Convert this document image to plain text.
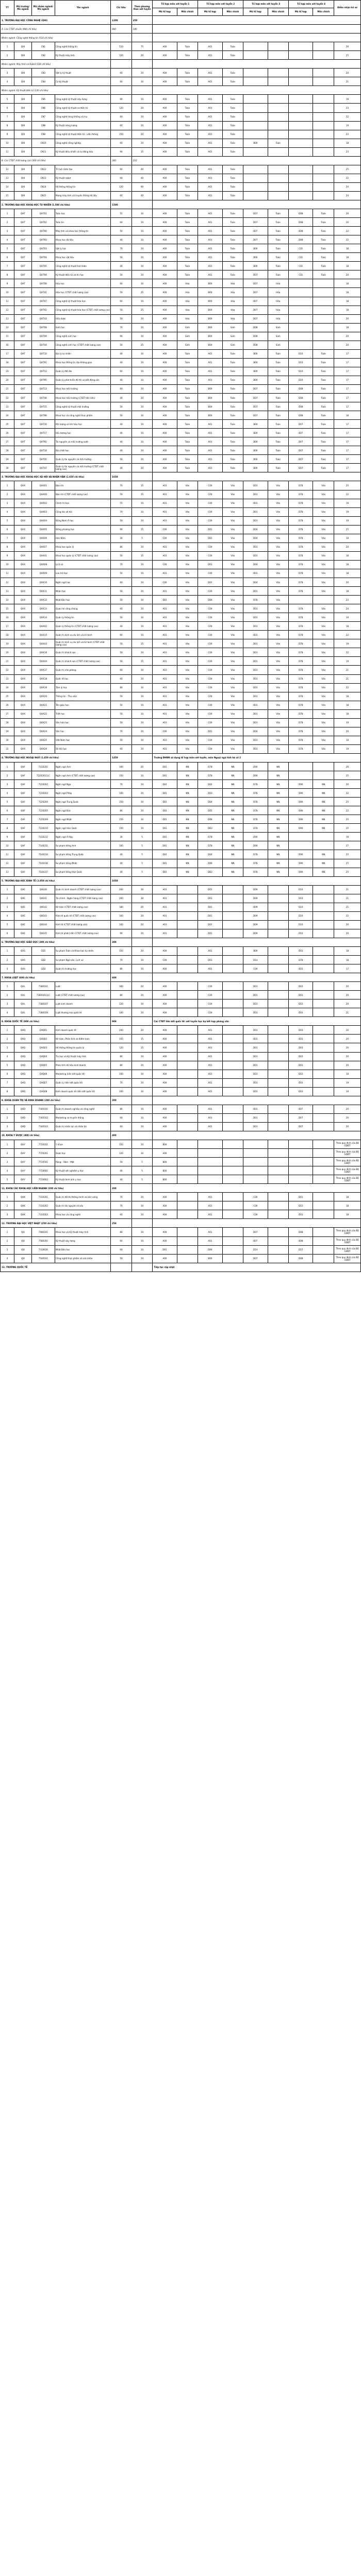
TT	Mã trường/ Mã ngành	Mã nhóm ngành/ Mã ngành	Tên ngành	Chỉ tiêu	Theo phương thức xét tuyển	Tổ hợp môn xét tuyển 1		Tổ hợp môn xét tuyển 2		Tổ hợp môn xét tuyển 3		Tổ hợp môn xét tuyển 4		Điểm nhận hồ sơ
						Mã tổ hợp	Môn chính	Mã tổ hợp	Môn chính	Mã tổ hợp	Môn chính	Mã tổ hợp	Môn chính	
1. TRƯỜNG ĐẠI HỌC CÔNG NGHỆ (QHI)				1200	350									
A. Các CTĐT chuẩn (900 chỉ tiêu)				900	140									
Nhóm ngành: Công nghệ thông tin (510 chỉ tiêu)														
1	QHI	CN1	Công nghệ thông tin	510	75	A00	Toán	A01	Toán					26
2	QHI	CN2	Kỹ thuật máy tính	120	20	A00	Toán	A01	Toán					25
Nhóm ngành: Máy tính và Robot (100 chỉ tiêu)														
3	QHI	CN3	Vật lý kỹ thuật	60	10	A00	Toán	A01	Toán					20
4	QHI	CN4	Cơ kỹ thuật	60	10	A00	Toán	A01	Toán					21
Nhóm ngành: Kỹ thuật điện tử (130 chỉ tiêu)														
5	QHI	CN5	Công nghệ kỹ thuật xây dựng	90	10	A00	Toán	A01	Toán					19
6	QHI	CN6	Công nghệ kỹ thuật cơ điện tử	120	20	A00	Toán	A01	Toán					23
7	QHI	CN7	Công nghệ hàng không vũ trụ	60	10	A00	Toán	A01	Toán					22
8	QHI	CN8	Kỹ thuật năng lượng	60	10	A00	Toán	A01	Toán					19
9	QHI	CN9	Công nghệ kỹ thuật điện tử - viễn thông	150	20	A00	Toán	A01	Toán					23
10	QHI	CN10	Công nghệ nông nghiệp	60	10	A00	Toán	A01	Toán	B00	Toán			18
11	QHI	CN11	Kỹ thuật điều khiển và tự động hóa	90	15	A00	Toán	A01	Toán					23
B. Các CTĐT chất lượng cao (300 chỉ tiêu)				300	210									
12	QHI	CN12	Trí tuệ nhân tạo	60	40	A00	Toán	A01	Toán					25
13	QHI	CN13	Kỹ thuật robot	60	40	A00	Toán	A01	Toán					22
14	QHI	CN14	Hệ thống thông tin	120	90	A00	Toán	A01	Toán					24
15	QHI	CN15	Mạng máy tính và truyền thông dữ liệu	60	40	A00	Toán	A01	Toán					24
2. TRƯỜNG ĐẠI HỌC KHOA HỌC TỰ NHIÊN (1.500 chỉ tiêu)				1500										
1	QHT	QHT01	Toán học	55	10	A00	Toán	A01	Toán	D07	Toán	D08	Toán	20
2	QHT	QHT02	Toán tin	60	10	A00	Toán	A01	Toán	D07	Toán	D08	Toán	20
3	QHT	QHT90	Máy tính và khoa học thông tin	50	10	A00	Toán	A01	Toán	D07	Toán	D08	Toán	22
4	QHT	QHT93	Khoa học dữ liệu	40	10	A00	Toán	A01	Toán	D07	Toán	D08	Toán	22
5	QHT	QHT03	Vật lý học	70	10	A00	Toán	A01	Toán	B00	Toán	C01	Toán	18
6	QHT	QHT04	Khoa học vật liệu	50	10	A00	Toán	A01	Toán	B00	Toán	C01	Toán	18
7	QHT	QHT05	Công nghệ kỹ thuật hạt nhân	40	10	A00	Toán	A01	Toán	B00	Toán	C01	Toán	18
8	QHT	QHT94	Kỹ thuật điện tử và tin học	50	10	A00	Toán	A01	Toán	D07	Toán	C01	Toán	20
9	QHT	QHT06	Hóa học	60	10	A00	Hóa	B00	Hóa	D07	Hóa			18
10	QHT	QHT41	Hóa học (CTĐT chất lượng cao)	50	25	A00	Hóa	B00	Hóa	D07	Hóa			18
11	QHT	QHT07	Công nghệ kỹ thuật hóa học	60	10	A00	Hóa	B00	Hóa	D07	Hóa			18
12	QHT	QHT42	Công nghệ kỹ thuật hóa học (CTĐT chất lượng cao)	50	25	A00	Hóa	B00	Hóa	D07	Hóa			18
13	QHT	QHT43	Hóa dược	50	10	A00	Hóa	B00	Hóa	D07	Hóa			20
14	QHT	QHT08	Sinh học	70	10	A00	Sinh	B00	Sinh	D08	Sinh			18
15	QHT	QHT09	Công nghệ sinh học	90	10	A00	Sinh	B00	Sinh	D08	Sinh			20
16	QHT	QHT44	Công nghệ sinh học (CTĐT chất lượng cao)	50	25	A00	Sinh	B00	Sinh	D08	Sinh			20
17	QHT	QHT10	Địa lý tự nhiên	40	10	A00	Toán	A01	Toán	B00	Toán	D10	Toán	17
18	QHT	QHT91	Khoa học thông tin địa không gian	40	10	A00	Toán	A01	Toán	B00	Toán	D10	Toán	17
19	QHT	QHT12	Quản lý đất đai	60	10	A00	Toán	A01	Toán	B00	Toán	D10	Toán	17
20	QHT	QHT95	Quản lý phát triển đô thị và bất động sản	40	10	A00	Toán	A01	Toán	B00	Toán	D10	Toán	17
21	QHT	QHT13	Khoa học môi trường	60	10	A00	Toán	B00	Toán	D07	Toán	D08	Toán	17
22	QHT	QHT46	Khoa học môi trường (CTĐT tiên tiến)	40	20	A00	Toán	B00	Toán	D07	Toán	D08	Toán	17
23	QHT	QHT15	Công nghệ kỹ thuật môi trường	50	10	A00	Toán	B00	Toán	D07	Toán	D08	Toán	17
24	QHT	QHT96	Khoa học và công nghệ thực phẩm	50	10	A00	Toán	B00	Toán	D07	Toán	D08	Toán	18
25	QHT	QHT16	Khí tượng và khí hậu học	40	10	A00	Toán	A01	Toán	B00	Toán	D07	Toán	17
26	QHT	QHT17	Hải dương học	40	10	A00	Toán	A01	Toán	B00	Toán	D07	Toán	17
27	QHT	QHT92	Tài nguyên và môi trường nước	40	10	A00	Toán	A01	Toán	B00	Toán	D07	Toán	17
28	QHT	QHT18	Địa chất học	40	10	A00	Toán	A01	Toán	B00	Toán	D07	Toán	17
29	QHT	QHT20	Quản lý tài nguyên và môi trường	50	10	A00	Toán	A01	Toán	B00	Toán	D07	Toán	17
30	QHT	QHT47	Quản lý tài nguyên và môi trường (CTĐT chất lượng cao)	40	20	A00	Toán	A01	Toán	B00	Toán	D07	Toán	17
3. TRƯỜNG ĐẠI HỌC KHOA HỌC XÃ HỘI VÀ NHÂN VĂN (1.650 chỉ tiêu)				1650										
1	QHX	QHX01	Báo chí	70	15	A01	Văn	C00	Văn	D01	Văn	D78	Văn	25
2	QHX	QHX40	Báo chí (CTĐT chất lượng cao)	50	15	A01	Văn	C00	Văn	D01	Văn	D78	Văn	22
3	QHX	QHX02	Chính trị học	55	10	A01	Văn	C00	Văn	D01	Văn	D78	Văn	19
4	QHX	QHX03	Công tác xã hội	70	10	A01	Văn	C00	Văn	D01	Văn	D78	Văn	19
5	QHX	QHX04	Đông Nam Á học	50	10	A01	Văn	C00	Văn	D01	Văn	D78	Văn	19
6	QHX	QHX05	Đông phương học	90	15	C00	Văn	D01	Văn	D04	Văn	D78	Văn	25
7	QHX	QHX06	Hán Nôm	30	5	C00	Văn	D01	Văn	D04	Văn	D78	Văn	19
8	QHX	QHX07	Khoa học quản lý	80	10	A01	Văn	C00	Văn	D01	Văn	D78	Văn	20
9	QHX	QHX41	Khoa học quản lý (CTĐT chất lượng cao)	50	15	A01	Văn	C00	Văn	D01	Văn	D78	Văn	18
10	QHX	QHX08	Lịch sử	70	10	C00	Văn	D01	Văn	D04	Văn	D78	Văn	18
11	QHX	QHX09	Lưu trữ học	50	10	A01	Văn	C00	Văn	D01	Văn	D78	Văn	18
12	QHX	QHX10	Ngôn ngữ học	60	10	C00	Văn	D01	Văn	D04	Văn	D78	Văn	20
13	QHX	QHX11	Nhân học	50	10	A01	Văn	C00	Văn	D01	Văn	D78	Văn	18
14	QHX	QHX12	Nhật Bản học	50	10	D01	Văn	D06	Văn	D78	Văn			23
15	QHX	QHX13	Quan hệ công chúng	60	10	A01	Văn	C00	Văn	D01	Văn	D78	Văn	24
16	QHX	QHX14	Quản lý thông tin	50	10	A01	Văn	C00	Văn	D01	Văn	D78	Văn	19
17	QHX	QHX42	Quản lý thông tin (CTĐT chất lượng cao)	40	10	A01	Văn	C00	Văn	D01	Văn	D78	Văn	18
18	QHX	QHX15	Quản trị dịch vụ du lịch và lữ hành	60	10	A01	Văn	C00	Văn	D01	Văn	D78	Văn	22
19	QHX	QHX43	Quản trị dịch vụ du lịch và lữ hành (CTĐT chất lượng cao)	50	15	A01	Văn	C00	Văn	D01	Văn	D78	Văn	19
20	QHX	QHX16	Quản trị khách sạn	50	10	A01	Văn	C00	Văn	D01	Văn	D78	Văn	22
21	QHX	QHX44	Quản trị khách sạn (CTĐT chất lượng cao)	50	15	A01	Văn	C00	Văn	D01	Văn	D78	Văn	19
22	QHX	QHX17	Quản trị văn phòng	60	10	A01	Văn	C00	Văn	D01	Văn	D78	Văn	21
23	QHX	QHX18	Quốc tế học	60	10	A01	Văn	C00	Văn	D01	Văn	D78	Văn	21
24	QHX	QHX19	Tâm lý học	80	10	A01	Văn	C00	Văn	D01	Văn	D78	Văn	22
25	QHX	QHX20	Thông tin - Thư viện	50	10	A01	Văn	C00	Văn	D01	Văn	D78	Văn	18
26	QHX	QHX21	Tôn giáo học	50	10	A01	Văn	C00	Văn	D01	Văn	D78	Văn	18
27	QHX	QHX22	Triết học	50	10	A01	Văn	C00	Văn	D01	Văn	D78	Văn	18
28	QHX	QHX23	Văn hóa học	50	10	A01	Văn	C00	Văn	D01	Văn	D78	Văn	19
29	QHX	QHX24	Văn học	70	10	C00	Văn	D01	Văn	D04	Văn	D78	Văn	20
30	QHX	QHX25	Việt Nam học	50	10	A01	Văn	C00	Văn	D01	Văn	D78	Văn	19
31	QHX	QHX26	Xã hội học	60	10	A01	Văn	C00	Văn	D01	Văn	D78	Văn	19
4. TRƯỜNG ĐẠI HỌC NGOẠI NGỮ (1.450 chỉ tiêu)				1450		Trường ĐHNN sử dụng tổ hợp môn xét tuyển, môn Ngoại ngữ tính hệ số 2								
1	QHF	7220201	Ngôn ngữ Anh	300	20	D01	NN	D78	NN	D90	NN			26
2	QHF	7220201CLC	Ngôn ngữ Anh (CTĐT chất lượng cao)	150	10	D01	NN	D78	NN	D90	NN			25
3	QHF	7220202	Ngôn ngữ Nga	70	10	D01	NN	D02	NN	D78	NN	D90	NN	20
4	QHF	7220203	Ngôn ngữ Pháp	100	10	D01	NN	D03	NN	D78	NN	D90	NN	22
5	QHF	7220204	Ngôn ngữ Trung Quốc	150	10	D01	NN	D04	NN	D78	NN	D90	NN	25
6	QHF	7220205	Ngôn ngữ Đức	80	10	D01	NN	D05	NN	D78	NN	D90	NN	22
7	QHF	7220209	Ngôn ngữ Nhật	150	10	D01	NN	D06	NN	D78	NN	D90	NN	25
8	QHF	7220210	Ngôn ngữ Hàn Quốc	150	10	D01	NN	DD2	NN	D78	NN	D90	NN	25
9	QHF	7220211	Ngôn ngữ Ả Rập	30	5	D01	NN	D78	NN	D90	NN			19
10	QHF	7140231	Sư phạm tiếng Anh	100	5	D01	NN	D78	NN	D90	NN			27
11	QHF	7140234	Sư phạm tiếng Trung Quốc	40	5	D01	NN	D04	NN	D78	NN	D90	NN	25
12	QHF	7140236	Sư phạm tiếng Nhật	40	5	D01	NN	D06	NN	D78	NN	D90	NN	25
13	QHF	7140237	Sư phạm tiếng Hàn Quốc	40	5	D01	NN	DD2	NN	D78	NN	D90	NN	25
5. TRƯỜNG ĐẠI HỌC KINH TẾ (1.050 chỉ tiêu)				1050										
1	QHE	QHE40	Quản trị kinh doanh (CTĐT chất lượng cao)	260	30	A01		D01		D09		D10		21
2	QHE	QHE41	Tài chính - Ngân hàng (CTĐT chất lượng cao)	260	30	A01		D01		D09		D10		21
3	QHE	QHE42	Kế toán (CTĐT chất lượng cao)	180	20	A01		D01		D09		D10		21
4	QHE	QHE43	Kinh tế quốc tế (CTĐT chất lượng cao)	160	20	A01		D01		D09		D10		22
5	QHE	QHE44	Kinh tế (CTĐT chất lượng cao)	100	20	A01		D01		D09		D10		20
6	QHE	QHE45	Kinh tế phát triển (CTĐT chất lượng cao)	90	10	A01		D01		D09		D10		20
6. TRƯỜNG ĐẠI HỌC GIÁO DỤC (300 chỉ tiêu)				300										
1	QHS	GD1	Sư phạm Toán và Khoa học tự nhiên	150	20	A00		A01		B00		D01		18
2	QHS	GD2	Sư phạm Ngữ văn, Lịch sử	70	10	C00		D01		D14		D78		18
3	QHS	GD3	Quản trị trường học	80	10	A00		A01		C00		D01		17
7. KHOA LUẬT (600 chỉ tiêu)				600										
1	QHL	7380101	Luật	300	20	A00		C00		D01		D03		20
2	QHL	7380101CLC	Luật (CTĐT chất lượng cao)	80	10	A00		C00		D01		D03		20
3	QHL	7380107	Luật kinh doanh	120	10	A00		C00		D01		D03		20
4	QHL	7380109	Luật thương mại quốc tế	100	10	A00		C00		D01		D03		21
8. KHOA QUỐC TẾ (900 chỉ tiêu)				900		Các CTĐT liên kết quốc tế: xét tuyển học bạ kết hợp phỏng vấn								
1	QHQ	QHQ01	Kinh doanh quốc tế	200	20	A00		A01		D01		D03		20
2	QHQ	QHQ02	Kế toán, Phân tích và Kiểm toán	150	15	A00		A01		D01		D03		20
3	QHQ	QHQ03	Hệ thống thông tin quản lý	120	15	A00		A01		D01		D03		20
4	QHQ	QHQ04	Tin học và Kỹ thuật máy tính	80	10	A00		A01		D01		D03		20
5	QHQ	QHQ05	Phân tích dữ liệu kinh doanh	80	10	A00		A01		D01		D03		20
6	QHQ	QHQ06	Marketing (liên kết quốc tế)	100	10	A00		A01		D01		D03		19
7	QHQ	QHQ07	Quản lý (liên kết quốc tế)	70	10	A00		A01		D01		D03		19
8	QHQ	QHQ08	Kinh doanh quốc tế (liên kết quốc tế)	100	10	A00		A01		D01		D03		19
9. KHOA QUẢN TRỊ VÀ KINH DOANH (200 chỉ tiêu)				200										
1	QHD	7340101	Quản trị doanh nghiệp và công nghệ	80	10	A00		A01		D01		D07		20
2	QHD	7340102	Marketing và truyền thông	60	10	A00		A01		D01		D07		20
3	QHD	7340103	Quản trị nhân lực và nhân tài	60	10	A00		A01		D01		D07		20
10. KHOA Y DƯỢC (400 chỉ tiêu)				400										
1	QHY	7720101	Y khoa	150	10	B00								Theo quy định của Bộ GDĐT
2	QHY	7720201	Dược học	120	10	A00								Theo quy định của Bộ GDĐT
3	QHY	7720501	Răng - Hàm - Mặt	50	5	B00								Theo quy định của Bộ GDĐT
4	QHY	7720601	Kỹ thuật xét nghiệm y học	40	5	B00								Theo quy định của Bộ GDĐT
5	QHY	7720602	Kỹ thuật hình ảnh y học	40	5	B00								Theo quy định của Bộ GDĐT
11. KHOA CÁC KHOA HỌC LIÊN NGÀNH (200 chỉ tiêu)				200										
1	QHK	7310201	Quản trị đô thị thông minh và bền vững	70	10	A00		A01		C00		D01		18
2	QHK	7310202	Quản trị tài nguyên di sản	70	10	A00		A01		C00		D01		18
3	QHK	7310203	Khoa học và công nghệ	60	10	A00		A01		C00		D01		18
12. TRƯỜNG ĐẠI HỌC VIỆT NHẬT (250 chỉ tiêu)				250										
1	VJU	7480101	Khoa học và Kỹ thuật máy tính	80	10	A00		A01		D07		D08		Theo quy định của Bộ GDĐT
2	VJU	7580201	Kỹ thuật xây dựng	60	10	A00		A01		D07		D08		Theo quy định của Bộ GDĐT
3	VJU	7310630	Nhật Bản học	60	10	D01		D06		D14		D15		Theo quy định của Bộ GDĐT
4	VJU	7540101	Công nghệ thực phẩm và sức khỏe	50	10	A00		B00		D07		D08		Theo quy định của Bộ GDĐT
13. TRƯỜNG QUỐC TẾ						Tiếp tục cập nhật								
